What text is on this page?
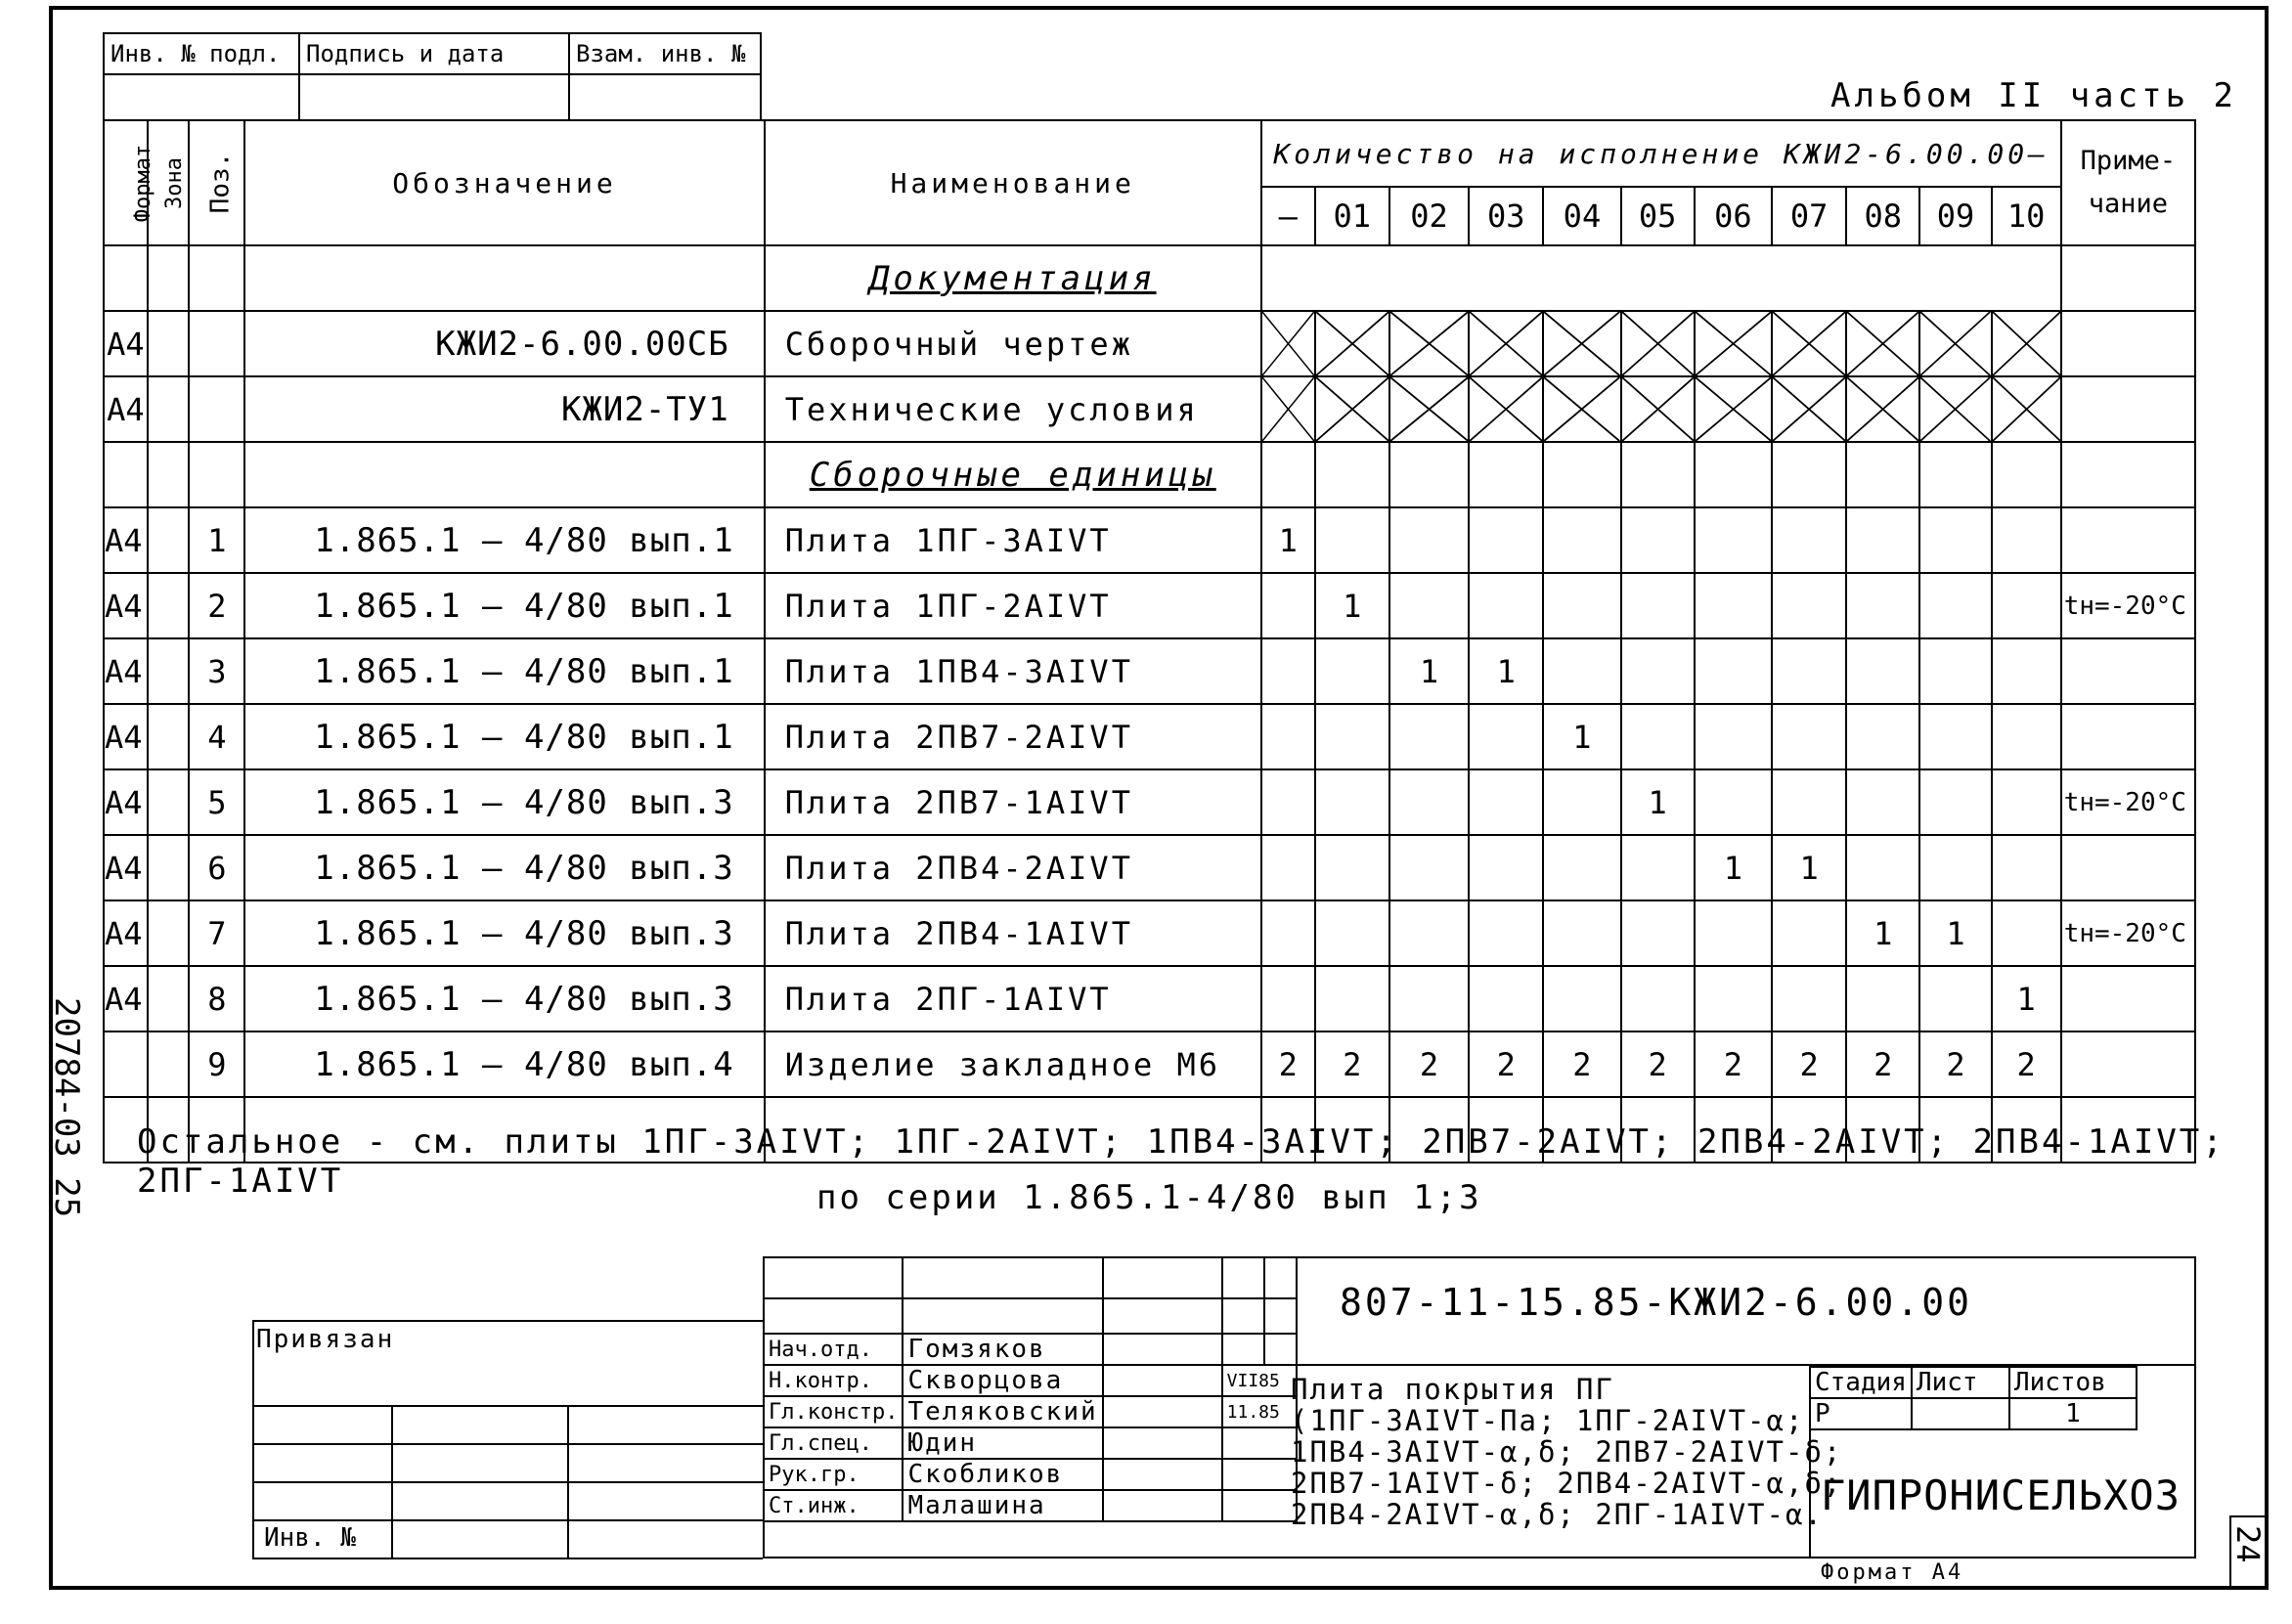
Инв. № подл.	Подпись и дата	Взам. инв. №

Альбом II часть 2
Формат	Зона	Поз.	Обозначение	Наименование	Количество на исполнение КЖИ2-6.00.00–											Приме-чание
					–	01	02	03	04	05	06	07	08	09	10	
				Документация												
А4			КЖИ2-6.00.00СБ	Сборочный чертеж	

А4			КЖИ2-ТУ1	Технические условия	

				Сборочные единицы												
А4		1	1.865.1 – 4/80 вып.1	Плита 1ПГ-3АIVТ	1											
А4		2	1.865.1 – 4/80 вып.1	Плита 1ПГ-2АIVТ		1										tн=-20°С
А4		3	1.865.1 – 4/80 вып.1	Плита 1ПВ4-3АIVТ			1	1								
А4		4	1.865.1 – 4/80 вып.1	Плита 2ПВ7-2АIVТ					1							
А4		5	1.865.1 – 4/80 вып.3	Плита 2ПВ7-1АIVТ						1						tн=-20°С
А4		6	1.865.1 – 4/80 вып.3	Плита 2ПВ4-2АIVТ							1	1				
А4		7	1.865.1 – 4/80 вып.3	Плита 2ПВ4-1АIVТ									1	1		tн=-20°С
А4		8	1.865.1 – 4/80 вып.3	Плита 2ПГ-1АIVТ											1	
		9	1.865.1 – 4/80 вып.4	Изделие закладное М6	2	2	2	2	2	2	2	2	2	2	2	

Остальное - см. плиты 1ПГ-3АIVТ; 1ПГ-2АIVТ; 1ПВ4-3АIVТ; 2ПВ7-2АIVТ; 2ПВ4-2АIVТ; 2ПВ4-1АIVТ; 2ПГ-1АIVТ	по серии 1.865.1-4/80 вып 1;3
20784-03 25
24
807-11-15.85-КЖИ2-6.00.00
Привязан
Инв. №

Нач.отд.	Гомзяков		
Н.контр.	Скворцова		VII85
Гл.констр.	Теляковский		11.85
Гл.спец.	Юдин		
Рук.гр.	Скобликов		
Ст.инж.	Малашина		
Плита покрытия ПГ
(1ПГ-3АIVТ-Па; 1ПГ-2АIVТ-α;
1ПВ4-3АIVТ-α,δ; 2ПВ7-2АIVТ-δ;
2ПВ7-1АIVТ-δ; 2ПВ4-2АIVТ-α,δ;
2ПВ4-2АIVТ-α,δ; 2ПГ-1АIVТ-α.
Стадия	Лист	Листов
Р		1
ГИПРОНИСЕЛЬХОЗ
Формат А4
